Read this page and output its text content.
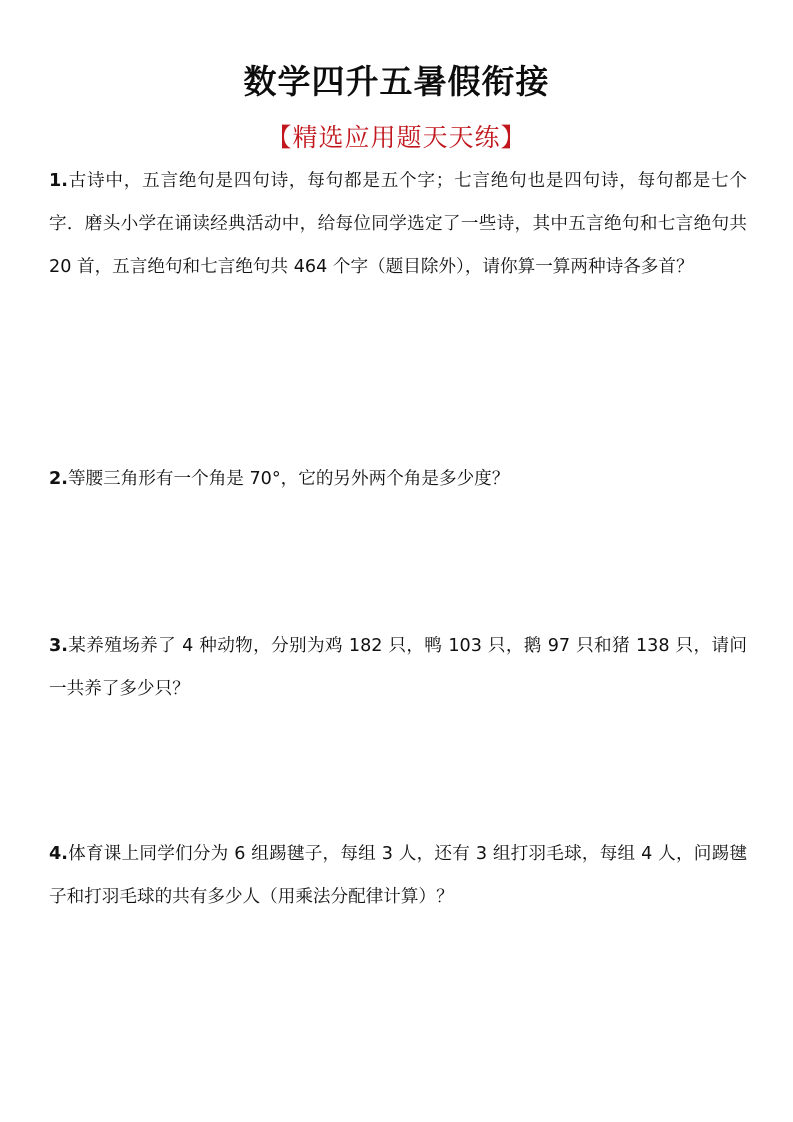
数学四升五暑假衔接
【精选应用题天天练】
1.古诗中，五言绝句是四句诗，每句都是五个字；七言绝句也是四句诗，每句都是七个字．磨头小学在诵读经典活动中，给每位同学选定了一些诗，其中五言绝句和七言绝句共 20 首，五言绝句和七言绝句共 464 个字（题目除外），请你算一算两种诗各多首？
2.等腰三角形有一个角是 70°，它的另外两个角是多少度？
3.某养殖场养了 4 种动物，分别为鸡 182 只，鸭 103 只，鹅 97 只和猪 138 只，请问一共养了多少只？
4.体育课上同学们分为 6 组踢毽子，每组 3 人，还有 3 组打羽毛球，每组 4 人，问踢毽子和打羽毛球的共有多少人（用乘法分配律计算）？
